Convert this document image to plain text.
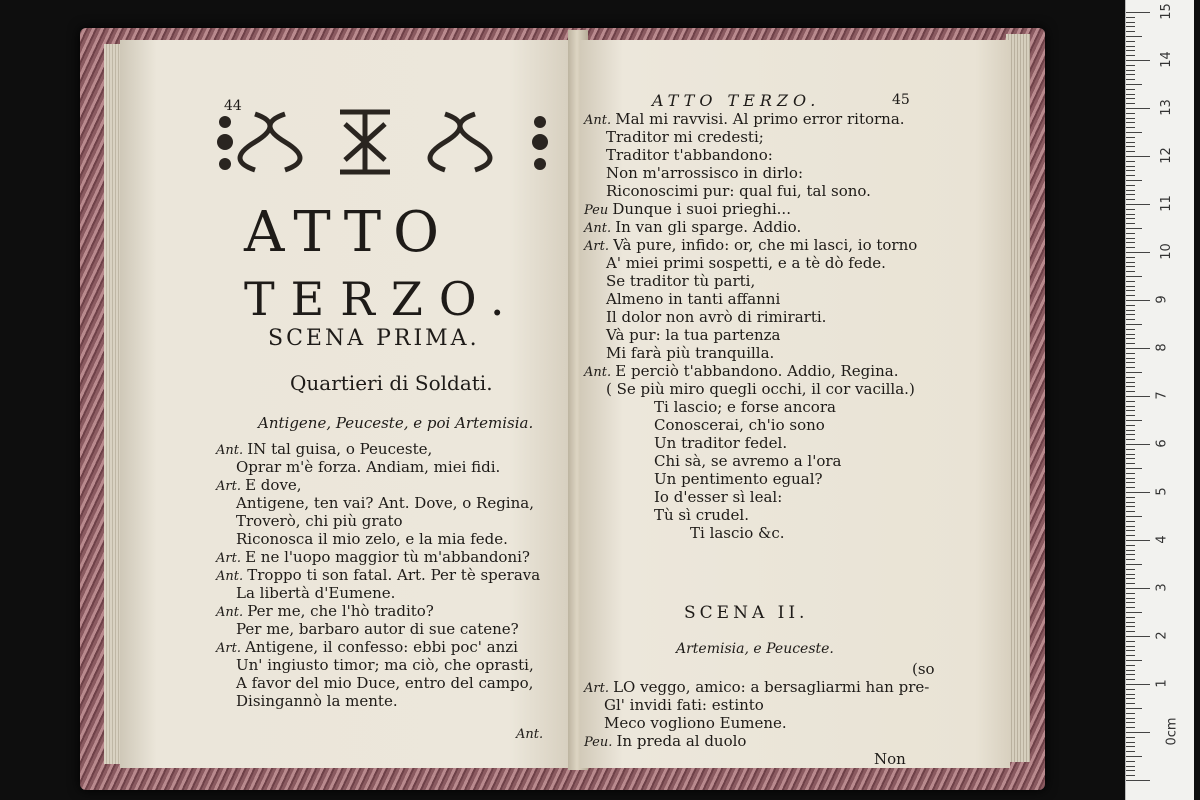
44
ATTO
TERZO.
SCENA PRIMA.
Quartieri di Soldati.
Antigene, Peuceste, e poi Artemisia.
Ant. IN tal guisa, o Peuceste,
Oprar m'è forza. Andiam, miei fidi.
Art. E dove,
Antigene, ten vai? Ant. Dove, o Regina,
Troverò, chi più grato
Riconosca il mio zelo, e la mia fede.
Art. E ne l'uopo maggior tù m'abbandoni?
Ant. Troppo ti son fatal. Art. Per tè sperava
La libertà d'Eumene.
Ant. Per me, che l'hò tradito?
Per me, barbaro autor di sue catene?
Art. Antigene, il confesso: ebbi poc' anzi
Un' ingiusto timor; ma ciò, che oprasti,
A favor del mio Duce, entro del campo,
Disingannò la mente.
Ant.
ATTO TERZO.	45
Ant. Mal mi ravvisi. Al primo error ritorna.
Traditor mi credesti;
Traditor t'abbandono:
Non m'arrossisco in dirlo:
Riconoscimi pur: qual fui, tal sono.
Peu Dunque i suoi prieghi...
Ant. In van gli sparge. Addio.
Art. Và pure, infido: or, che mi lasci, io torno
A' miei primi sospetti, e a tè dò fede.
Se traditor tù parti,
Almeno in tanti affanni
Il dolor non avrò di rimirarti.
Và pur: la tua partenza
Mi farà più tranquilla.
Ant. E perciò t'abbandono. Addio, Regina.
( Se più miro quegli occhi, il cor vacilla.)
Ti lascio; e forse ancora
Conoscerai, ch'io sono
Un traditor fedel.
Chi sà, se avremo a l'ora
Un pentimento egual?
Io d'esser sì leal:
Tù sì crudel.
Ti lascio &c.
SCENA II.
Artemisia, e Peuceste.
Art. LO veggo, amico: a bersagliarmi han pre-
Gl' invidi fati: estinto
Meco vogliono Eumene.
Peu. In preda al duolo
Non
(so
15
14
13
12
11
10
9
8
7
6
5
4
3
2
1
0cm
